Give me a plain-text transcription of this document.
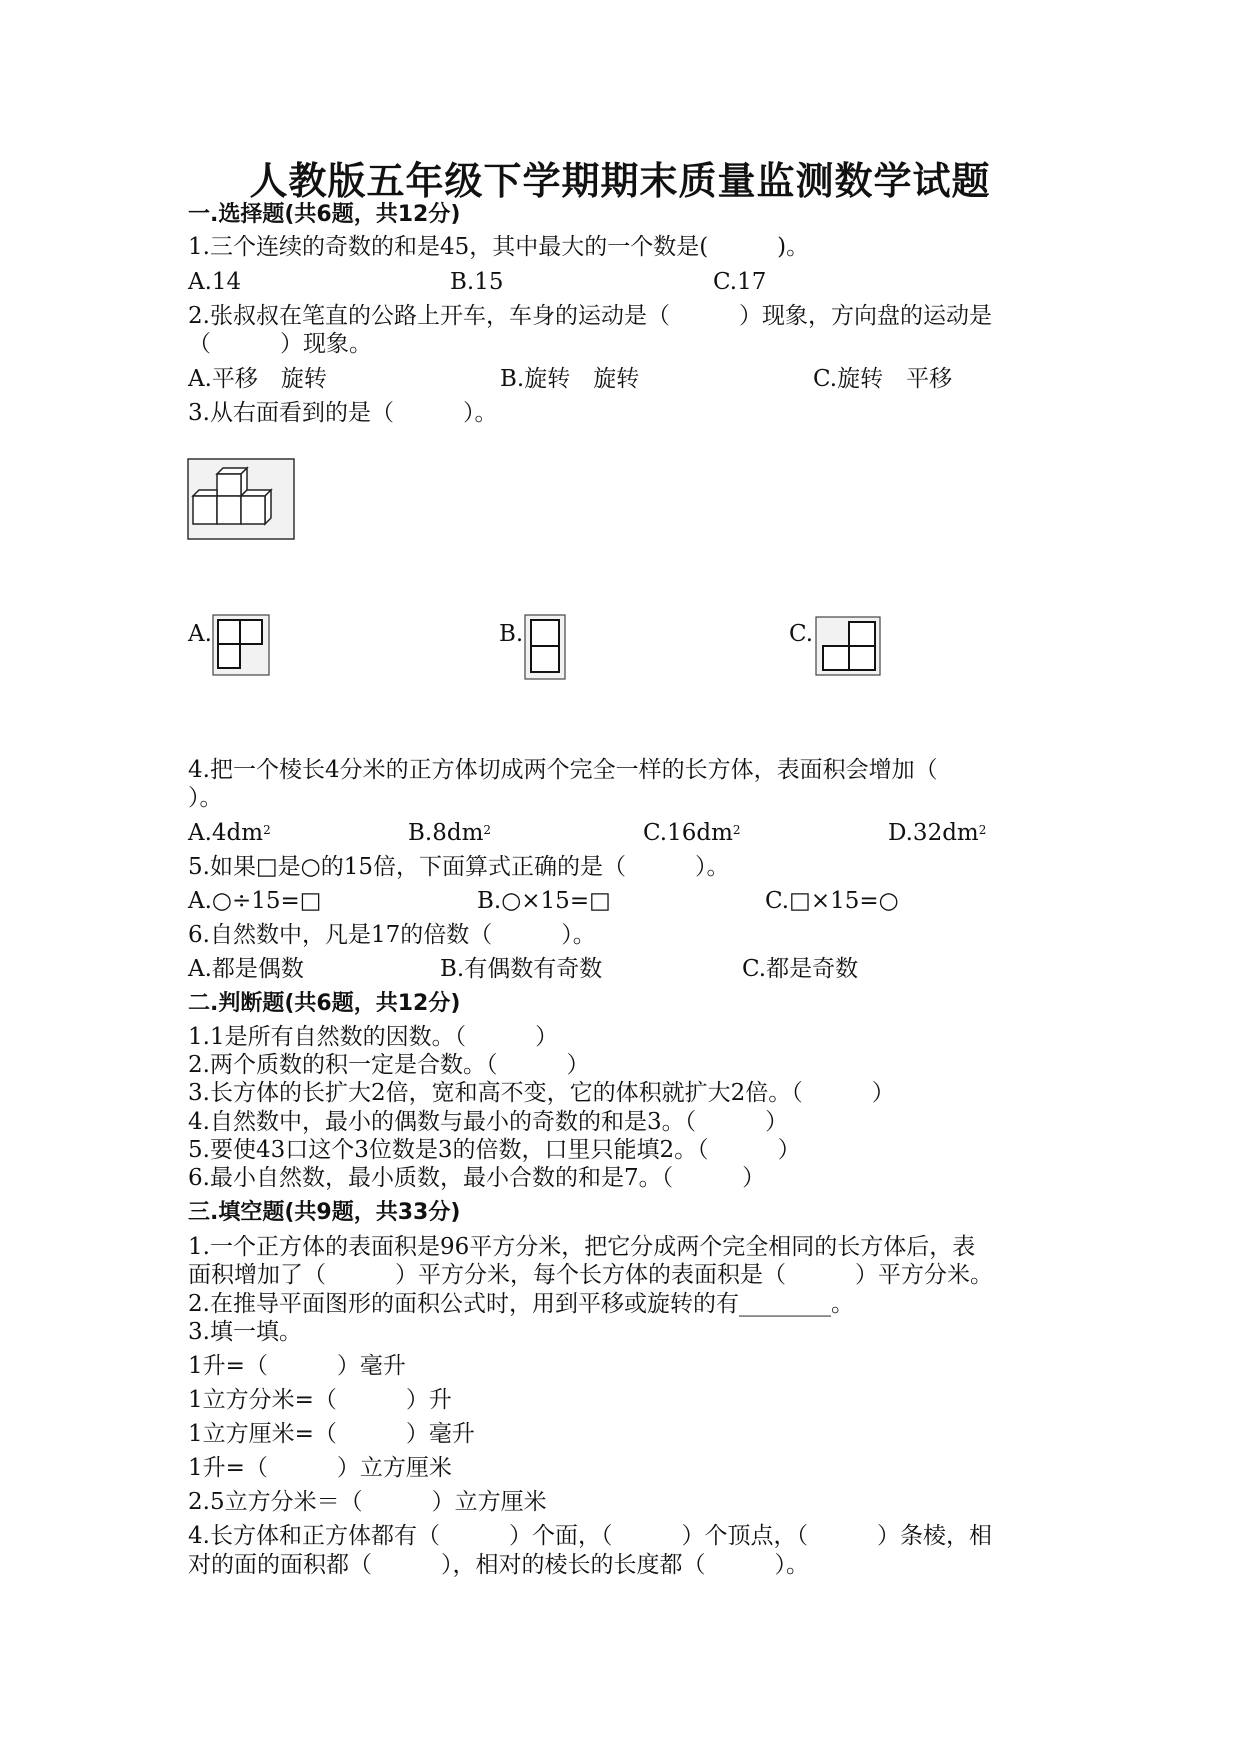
人教版五年级下学期期末质量监测数学试题
一.选择题(共6题，共12分)
1.三个连续的奇数的和是45，其中最大的一个数是(　　　)。
A.14	B.15	C.17
2.张叔叔在笔直的公路上开车，车身的运动是（　　　）现象，方向盘的运动是
（　　　）现象。
A.平移　旋转	B.旋转　旋转	C.旋转　平移
3.从右面看到的是（　　　）。
A.	B.	C.
4.把一个棱长4分米的正方体切成两个完全一样的长方体，表面积会增加（
）。
$A.4dm^2$	$B.8dm^2$	$C.16dm^2$	$D.32dm^2$
5.如果□是○的15倍，下面算式正确的是（　　　）。
A.○÷15=□	B.○×15=□	C.□×15=○
6.自然数中，凡是17的倍数（　　　）。
A.都是偶数	B.有偶数有奇数	C.都是奇数
二.判断题(共6题，共12分)
1.1是所有自然数的因数。（　　　）
2.两个质数的积一定是合数。（　　　）
3.长方体的长扩大2倍，宽和高不变，它的体积就扩大2倍。（　　　）
4.自然数中，最小的偶数与最小的奇数的和是3。（　　　）
5.要使43口这个3位数是3的倍数，口里只能填2。（　　　）
6.最小自然数，最小质数，最小合数的和是7。（　　　）
三.填空题(共9题，共33分)
1.一个正方体的表面积是96平方分米，把它分成两个完全相同的长方体后，表
面积增加了（　　　）平方分米，每个长方体的表面积是（　　　）平方分米。
2.在推导平面图形的面积公式时，用到平移或旋转的有________。
3.填一填。
1升=（　　　）毫升
1立方分米=（　　　）升
1立方厘米=（　　　）毫升
1升=（　　　）立方厘米
2.5立方分米＝（　　　）立方厘米
4.长方体和正方体都有（　　　）个面，（　　　）个顶点，（　　　）条棱，相
对的面的面积都（　　　），相对的棱长的长度都（　　　）。
